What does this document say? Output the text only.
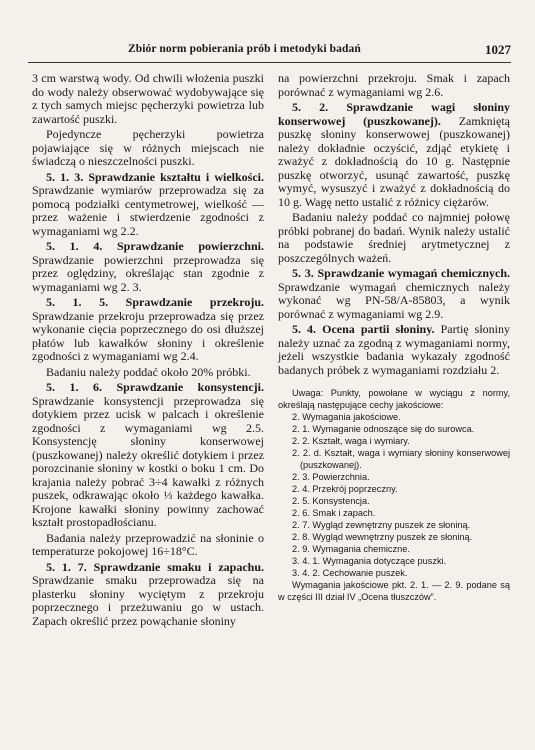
Zbiór norm pobierania prób i metodyki badań	1027

3 cm warstwą wody. Od chwili włożenia puszki do wody należy obserwować wydobywające się z tych samych miejsc pęcherzyki powietrza lub zawartość puszki.

Pojedyncze pęcherzyki powietrza pojawiające się w różnych miejscach nie świadczą o nieszczelności puszki.

5. 1. 3. Sprawdzanie kształtu i wielkości. Sprawdzanie wymiarów przeprowadza się za pomocą podziałki centymetrowej, wielkość — przez ważenie i stwierdzenie zgodności z wymaganiami wg 2.2.

5. 1. 4. Sprawdzanie powierzchni. Sprawdzanie powierzchni przeprowadza się przez oględziny, określając stan zgodnie z wymaganiami wg 2. 3.

5. 1. 5. Sprawdzanie przekroju. Sprawdzanie przekroju przeprowadza się przez wykonanie cięcia poprzecznego do osi dłuższej płatów lub kawałków słoniny i określenie zgodności z wymaganiami wg 2.4.

Badaniu należy poddać około 20% próbki.

5. 1. 6. Sprawdzanie konsystencji. Sprawdzanie konsystencji przeprowadza się dotykiem przez ucisk w palcach i określenie zgodności z wymaganiami wg 2.5. Konsystencję słoniny konserwowej (puszkowanej) należy określić dotykiem i przez porozcinanie słoniny w kostki o boku 1 cm. Do krajania należy pobrać 3÷4 kawałki z różnych puszek, odkrawając około ⅓ każdego kawałka. Krojone kawałki słoniny powinny zachować kształt prostopadłościanu.

Badania należy przeprowadzić na słoninie o temperaturze pokojowej 16÷18°C.

5. 1. 7. Sprawdzanie smaku i zapachu. Sprawdzanie smaku przeprowadza się na plasterku słoniny wyciętym z przekroju poprzecznego i przeżuwaniu go w ustach. Zapach określić przez powąchanie słoniny

na powierzchni przekroju. Smak i zapach porównać z wymaganiami wg 2.6.

5. 2. Sprawdzanie wagi słoniny konserwowej (puszkowanej). Zamkniętą puszkę słoniny konserwowej (puszkowanej) należy dokładnie oczyścić, zdjąć etykietę i zważyć z dokładnością do 10 g. Następnie puszkę otworzyć, usunąć zawartość, puszkę wymyć, wysuszyć i zważyć z dokładnością do 10 g. Wagę netto ustalić z różnicy ciężarów.

Badaniu należy poddać co najmniej połowę próbki pobranej do badań. Wynik należy ustalić na podstawie średniej arytmetycznej z poszczególnych ważeń.

5. 3. Sprawdzanie wymagań chemicznych. Sprawdzanie wymagań chemicznych należy wykonać wg PN-58/A-85803, a wynik porównać z wymaganiami wg 2.9.

5. 4. Ocena partii słoniny. Partię słoniny należy uznać za zgodną z wymaganiami normy, jeżeli wszystkie badania wykazały zgodność badanych próbek z wymaganiami rozdziału 2.

Uwaga: Punkty, powołane w wyciągu z normy, określają następujące cechy jakościowe:
2. Wymagania jakościowe.
2. 1. Wymaganie odnoszące się do surowca.
2. 2. Kształt, waga i wymiary.
2. 2. d. Kształt, waga i wymiary słoniny konserwowej (puszkowanej).
2. 3. Powierzchnia.
2. 4. Przekrój poprzeczny.
2. 5. Konsystencja.
2. 6. Smak i zapach.
2. 7. Wygląd zewnętrzny puszek ze słoniną.
2. 8. Wygląd wewnętrzny puszek ze słoniną.
2. 9. Wymagania chemiczne.
3. 4. 1. Wymagania dotyczące puszki.
3. 4. 2. Cechowanie puszek.
Wymagania jakościowe pkt. 2. 1. — 2. 9. podane są w części III dział IV „Ocena tłuszczów”.
